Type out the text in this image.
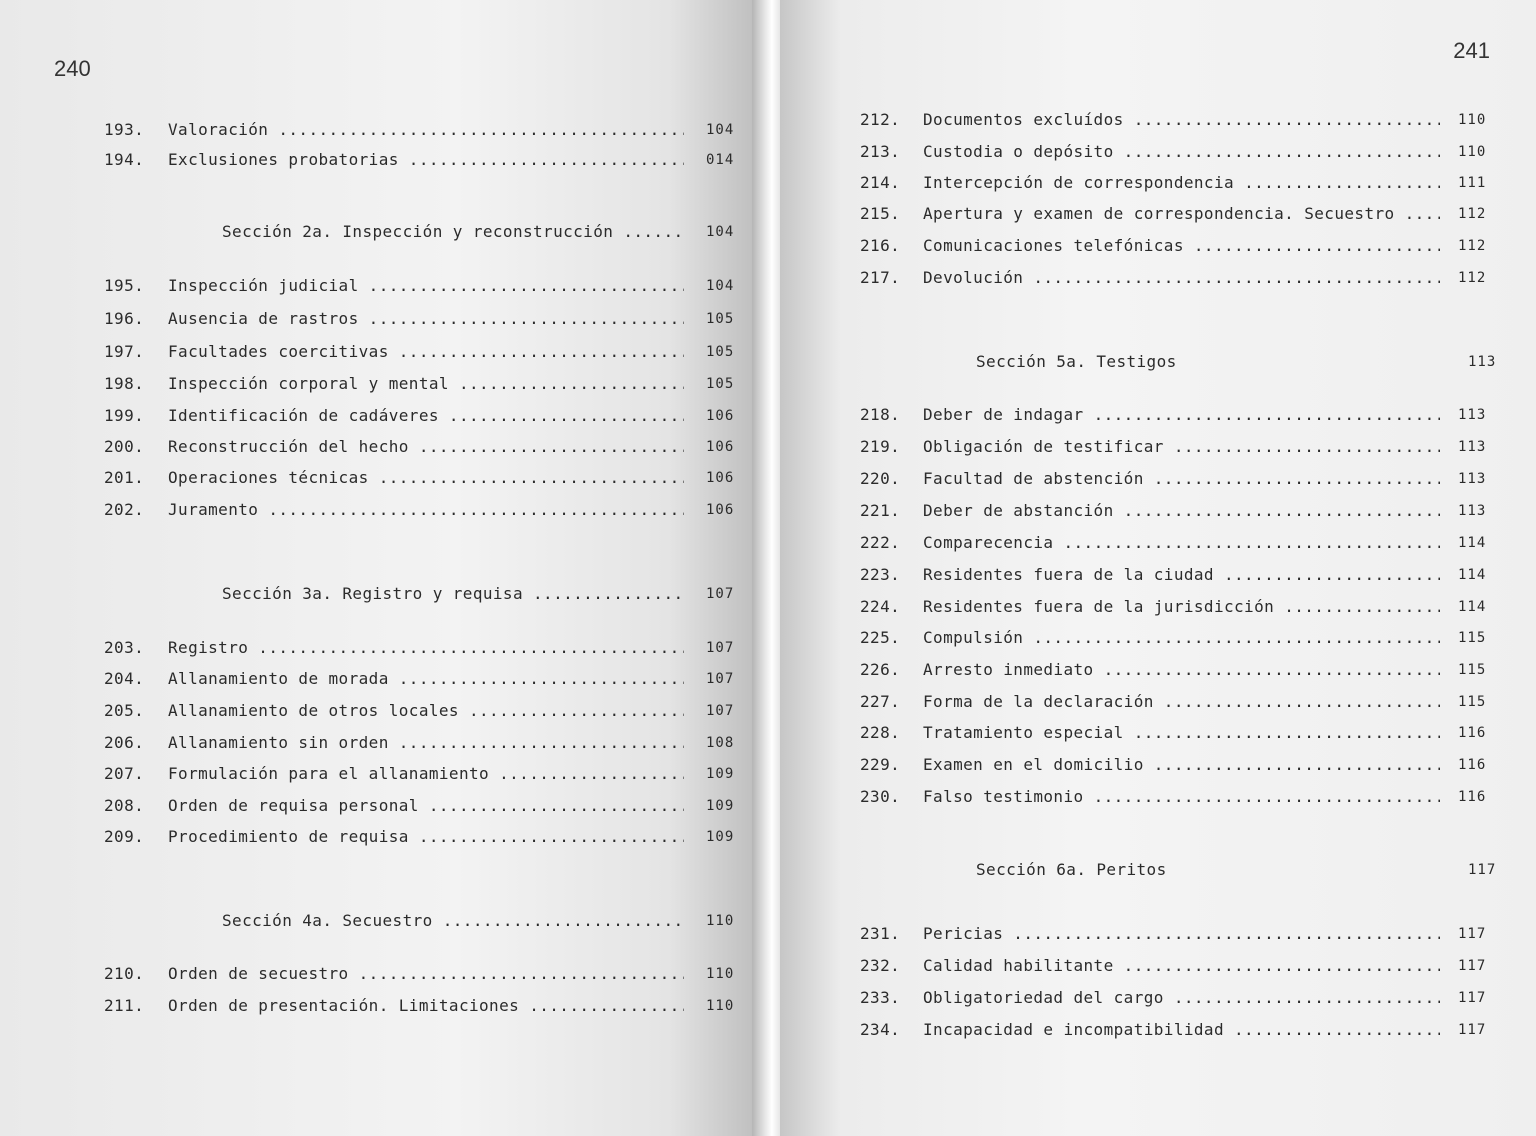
240
193. Valoración .....	104
194. Exclusiones probatorias .....	014
Sección 2a. Inspección y reconstrucción .....	104
195. Inspección judicial .....	104
196. Ausencia de rastros .....	105
197. Facultades coercitivas .....	105
198. Inspección corporal y mental .....	105
199. Identificación de cadáveres .....	106
200. Reconstrucción del hecho .....	106
201. Operaciones técnicas .....	106
202. Juramento .....	106
Sección 3a. Registro y requisa .....	107
203. Registro .....	107
204. Allanamiento de morada .....	107
205. Allanamiento de otros locales .....	107
206. Allanamiento sin orden .....	108
207. Formulación para el allanamiento .....	109
208. Orden de requisa personal .....	109
209. Procedimiento de requisa .....	109
Sección 4a. Secuestro .....	110
210. Orden de secuestro .....	110
211. Orden de presentación. Limitaciones .....	110
241
212. Documentos excluídos .....	110
213. Custodia o depósito .....	110
214. Intercepción de correspondencia .....	111
215. Apertura y examen de correspondencia. Secuestro .....	112
216. Comunicaciones telefónicas .....	112
217. Devolución .....	112
Sección 5a. Testigos	113
218. Deber de indagar .....	113
219. Obligación de testificar .....	113
220. Facultad de abstención .....	113
221. Deber de abstanción .....	113
222. Comparecencia .....	114
223. Residentes fuera de la ciudad .....	114
224. Residentes fuera de la jurisdicción .....	114
225. Compulsión .....	115
226. Arresto inmediato .....	115
227. Forma de la declaración .....	115
228. Tratamiento especial .....	116
229. Examen en el domicilio .....	116
230. Falso testimonio .....	116
Sección 6a. Peritos	117
231. Pericias .....	117
232. Calidad habilitante .....	117
233. Obligatoriedad del cargo .....	117
234. Incapacidad e incompatibilidad .....	117
